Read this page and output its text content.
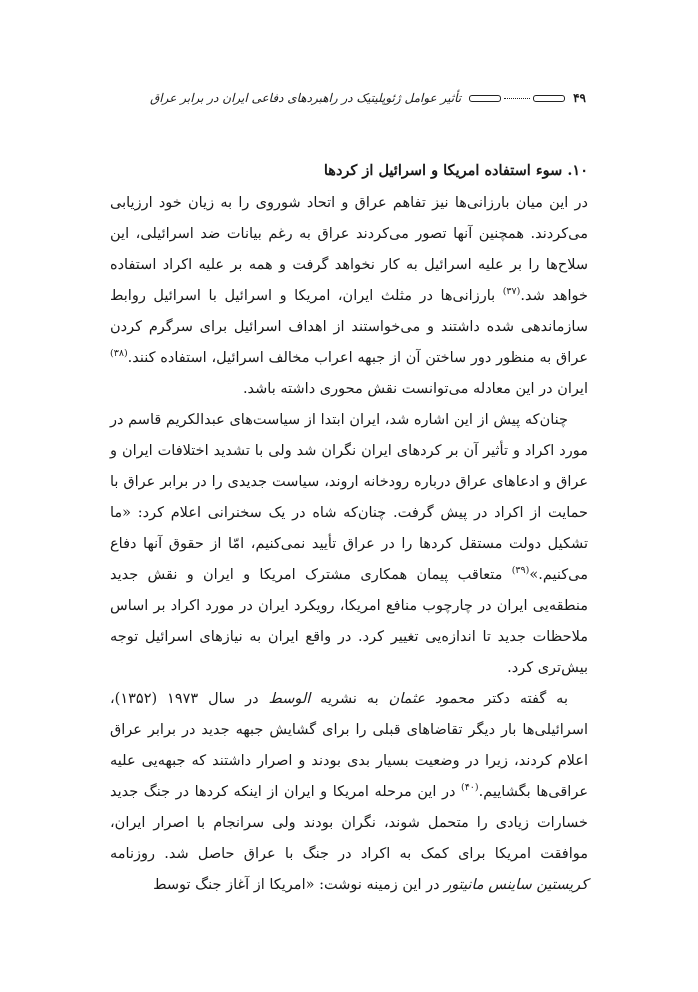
تأثیر عوامل ژئوپلیتیک در راهبردهای دفاعی ایران در برابر عراق	۴۹

۱۰. سوء استفاده امریکا و اسرائیل از کردها

در این میان بارزانی‌ها نیز تفاهم عراق و اتحاد شوروی را به زیان خود ارزیابی می‌کردند. همچنین آنها تصور می‌کردند عراق به رغم بیانات ضد اسرائیلی، این سلاح‌ها را بر علیه اسرائیل به کار نخواهد گرفت و همه بر علیه اکراد استفاده خواهد شد.$^{(۳۷)}$ بارزانی‌ها در مثلث ایران، امریکا و اسرائیل با اسرائیل روابط سازماندهی شده داشتند و می‌خواستند از اهداف اسرائیل برای سرگرم کردن عراق به منظور دور ساختن آن از جبهه اعراب مخالف اسرائیل، استفاده کنند.$^{(۳۸)}$ ایران در این معادله می‌توانست نقش محوری داشته باشد.

چنان‌که پیش از این اشاره شد، ایران ابتدا از سیاست‌های عبدالکریم قاسم در مورد اکراد و تأثیر آن بر کردهای ایران نگران شد ولی با تشدید اختلافات ایران و عراق و ادعاهای عراق درباره رودخانه اروند، سیاست جدیدی را در برابر عراق با حمایت از اکراد در پیش گرفت. چنان‌که شاه در یک سخنرانی اعلام کرد: «ما تشکیل دولت مستقل کردها را در عراق تأیید نمی‌کنیم، امّا از حقوق آنها دفاع می‌کنیم.»$^{(۳۹)}$ متعاقب پیمان همکاری مشترک امریکا و ایران و نقش جدید منطقه‌یی ایران در چارچوب منافع امریکا، رویکرد ایران در مورد اکراد بر اساس ملاحظات جدید تا اندازه‌یی تغییر کرد. در واقع ایران به نیازهای اسرائیل توجه بیش‌تری کرد.

به گفته دکتر محمود عثمان به نشریه الوسط در سال ۱۹۷۳ (۱۳۵۲)، اسرائیلی‌ها بار دیگر تقاضاهای قبلی را برای گشایش جبهه جدید در برابر عراق اعلام کردند، زیرا در وضعیت بسیار بدی بودند و اصرار داشتند که جبهه‌یی علیه عراقی‌ها بگشاییم.$^{(۴۰)}$ در این مرحله امریکا و ایران از اینکه کردها در جنگ جدید خسارات زیادی را متحمل شوند، نگران بودند ولی سرانجام با اصرار ایران، موافقت امریکا برای کمک به اکراد در جنگ با عراق حاصل شد. روزنامه کریستین ساینس مانیتور در این زمینه نوشت: «امریکا از آغاز جنگ توسط
